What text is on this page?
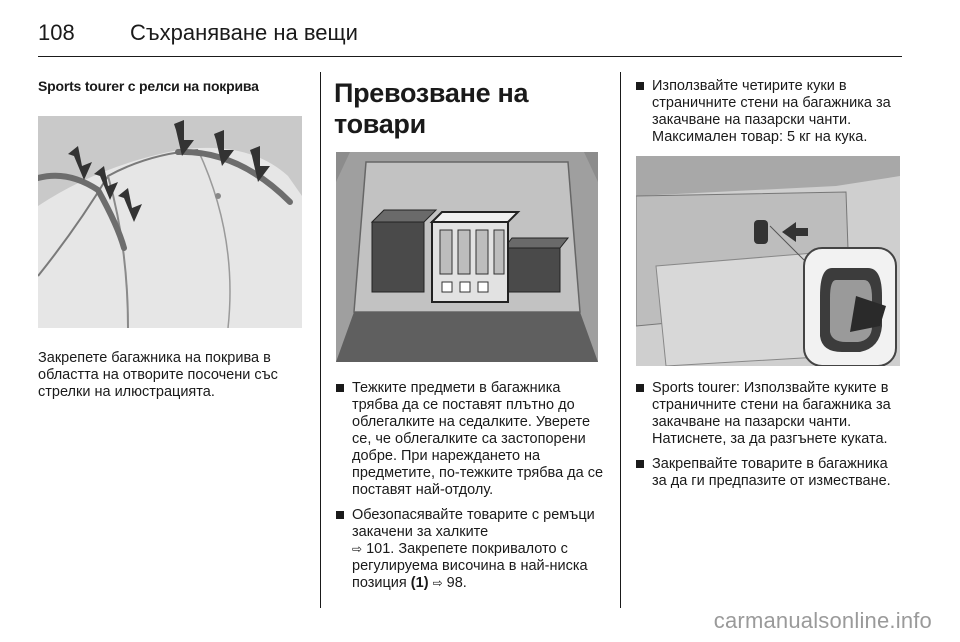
108	Съхраняване на вещи

Sports tourer с релси на покрива

Закрепете багажника на покрива в областта на отворите посочени със стрелки на илюстрацията.

Превозване на товари
Тежките предмети в багажника трябва да се поставят плътно до облегалките на седалките. Уверете се, че облегалките са застопорени добре. При нареждането на предметите, по-тежките трябва да се поставят най-отдолу.
Обезопасявайте товарите с ремъци закачени за халките
⇨ 101. Закрепете покривалото с регулируема височина в най-ниска позиция (1) ⇨ 98.
Използвайте четирите куки в страничните стени на багажника за закачване на пазарски чанти. Максимален товар: 5 кг на кука.
Sports tourer: Използвайте куките в страничните стени на багажника за закачване на пазарски чанти. Натиснете, за да разгънете куката.
Закрепвайте товарите в багажника за да ги предпазите от изместване.
carmanualsonline.info
